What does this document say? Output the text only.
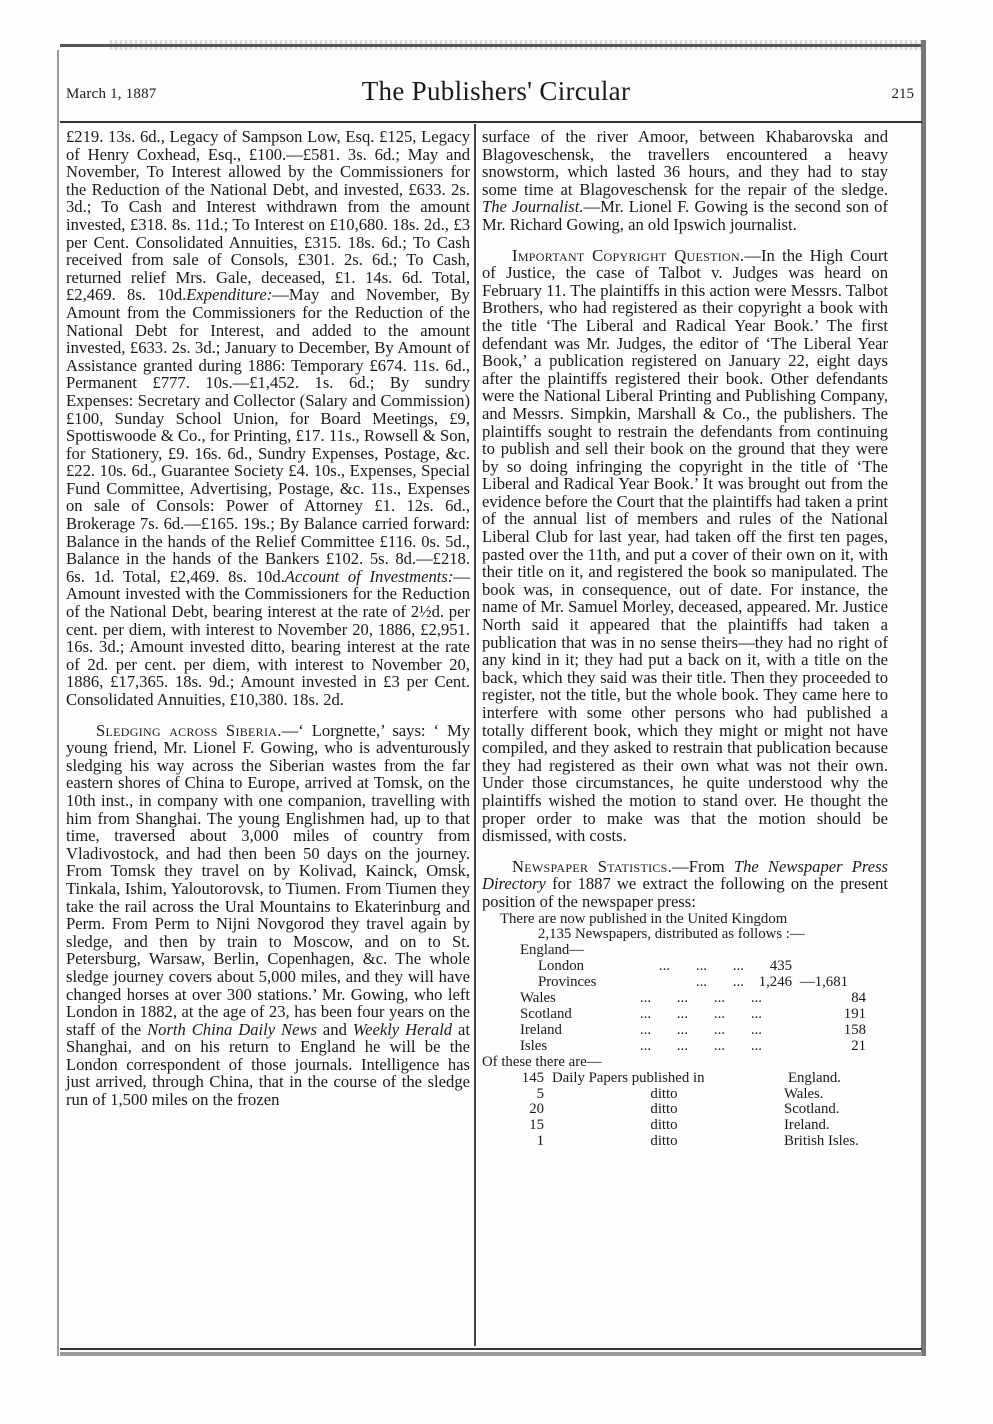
March 1, 1887	The Publishers' Circular	215

£219. 13s. 6d., Legacy of Sampson Low, Esq. £125, Legacy of Henry Coxhead, Esq., £100.—£581. 3s. 6d.; May and November, To Interest allowed by the Commissioners for the Reduction of the National Debt, and invested, £633. 2s. 3d.; To Cash and Interest withdrawn from the amount invested, £318. 8s. 11d.; To Interest on £10,680. 18s. 2d., £3 per Cent. Consolidated Annuities, £315. 18s. 6d.; To Cash received from sale of Consols, £301. 2s. 6d.; To Cash, returned relief Mrs. Gale, deceased, £1. 14s. 6d. Total, £2,469. 8s. 10d.Expenditure:—May and November, By Amount from the Commissioners for the Reduction of the National Debt for Interest, and added to the amount invested, £633. 2s. 3d.; January to December, By Amount of Assistance granted during 1886: Temporary £674. 11s. 6d., Permanent £777. 10s.—£1,452. 1s. 6d.; By sundry Expenses: Secretary and Collector (Salary and Commission) £100, Sunday School Union, for Board Meetings, £9, Spottiswoode & Co., for Printing, £17. 11s., Rowsell & Son, for Stationery, £9. 16s. 6d., Sundry Expenses, Postage, &c. £22. 10s. 6d., Guarantee Society £4. 10s., Expenses, Special Fund Committee, Advertising, Postage, &c. 11s., Expenses on sale of Consols: Power of Attorney £1. 12s. 6d., Brokerage 7s. 6d.—£165. 19s.; By Balance carried forward: Balance in the hands of the Relief Committee £116. 0s. 5d., Balance in the hands of the Bankers £102. 5s. 8d.—£218. 6s. 1d. Total, £2,469. 8s. 10d.Account of Investments:—Amount invested with the Commissioners for the Reduction of the National Debt, bearing interest at the rate of 2½d. per cent. per diem, with interest to November 20, 1886, £2,951. 16s. 3d.; Amount invested ditto, bearing interest at the rate of 2d. per cent. per diem, with interest to November 20, 1886, £17,365. 18s. 9d.; Amount invested in £3 per Cent. Consolidated Annuities, £10,380. 18s. 2d.

Sledging across Siberia.—‘ Lorgnette,’ says: ‘ My young friend, Mr. Lionel F. Gowing, who is adventurously sledging his way across the Siberian wastes from the far eastern shores of China to Europe, arrived at Tomsk, on the 10th inst., in company with one companion, travelling with him from Shanghai. The young Englishmen had, up to that time, traversed about 3,000 miles of country from Vladivostock, and had then been 50 days on the journey. From Tomsk they travel on by Kolivad, Kainck, Omsk, Tinkala, Ishim, Yaloutorovsk, to Tiumen. From Tiumen they take the rail across the Ural Mountains to Ekaterinburg and Perm. From Perm to Nijni Novgorod they travel again by sledge, and then by train to Moscow, and on to St. Petersburg, Warsaw, Berlin, Copenhagen, &c. The whole sledge journey covers about 5,000 miles, and they will have changed horses at over 300 stations.’ Mr. Gowing, who left London in 1882, at the age of 23, has been four years on the staff of the North China Daily News and Weekly Herald at Shanghai, and on his return to England he will be the London correspondent of those journals. Intelligence has just arrived, through China, that in the course of the sledge run of 1,500 miles on the frozen

surface of the river Amoor, between Khabarovska and Blagoveschensk, the travellers encountered a heavy snowstorm, which lasted 36 hours, and they had to stay some time at Blagoveschensk for the repair of the sledge. The Journalist.—Mr. Lionel F. Gowing is the second son of Mr. Richard Gowing, an old Ipswich journalist.

Important Copyright Question.—In the High Court of Justice, the case of Talbot v. Judges was heard on February 11. The plaintiffs in this action were Messrs. Talbot Brothers, who had registered as their copyright a book with the title ‘The Liberal and Radical Year Book.’ The first defendant was Mr. Judges, the editor of ‘The Liberal Year Book,’ a publication registered on January 22, eight days after the plaintiffs registered their book. Other defendants were the National Liberal Printing and Publishing Company, and Messrs. Simpkin, Marshall & Co., the publishers. The plaintiffs sought to restrain the defendants from continuing to publish and sell their book on the ground that they were by so doing infringing the copyright in the title of ‘The Liberal and Radical Year Book.’ It was brought out from the evidence before the Court that the plaintiffs had taken a print of the annual list of members and rules of the National Liberal Club for last year, had taken off the first ten pages, pasted over the 11th, and put a cover of their own on it, with their title on it, and registered the book so manipulated. The book was, in consequence, out of date. For instance, the name of Mr. Samuel Morley, deceased, appeared. Mr. Justice North said it appeared that the plaintiffs had taken a publication that was in no sense theirs—they had no right of any kind in it; they had put a back on it, with a title on the back, which they said was their title. Then they proceeded to register, not the title, but the whole book. They came here to interfere with some other persons who had published a totally different book, which they might or might not have compiled, and they asked to restrain that publication because they had registered as their own what was not their own. Under those circumstances, he quite understood why the plaintiffs wished the motion to stand over. He thought the proper order to make was that the motion should be dismissed, with costs.

Newspaper Statistics.—From The Newspaper Press Directory for 1887 we extract the following on the present position of the newspaper press:

There are now published in the United Kingdom
2,135 Newspapers, distributed as follows :—
England—
London	...       ...       ...	435
Provinces	...       ... 1,246 —1,681
Wales	...       ...       ...       ...	84
Scotland	...       ...       ...       ...	191
Ireland	...       ...       ...       ...	158
Isles	...       ...       ...       ...	21
Of these there are—
145 Daily Papers published in	England.
5	ditto	Wales.
20	ditto	Scotland.
15	ditto	Ireland.
1	ditto	British Isles.
